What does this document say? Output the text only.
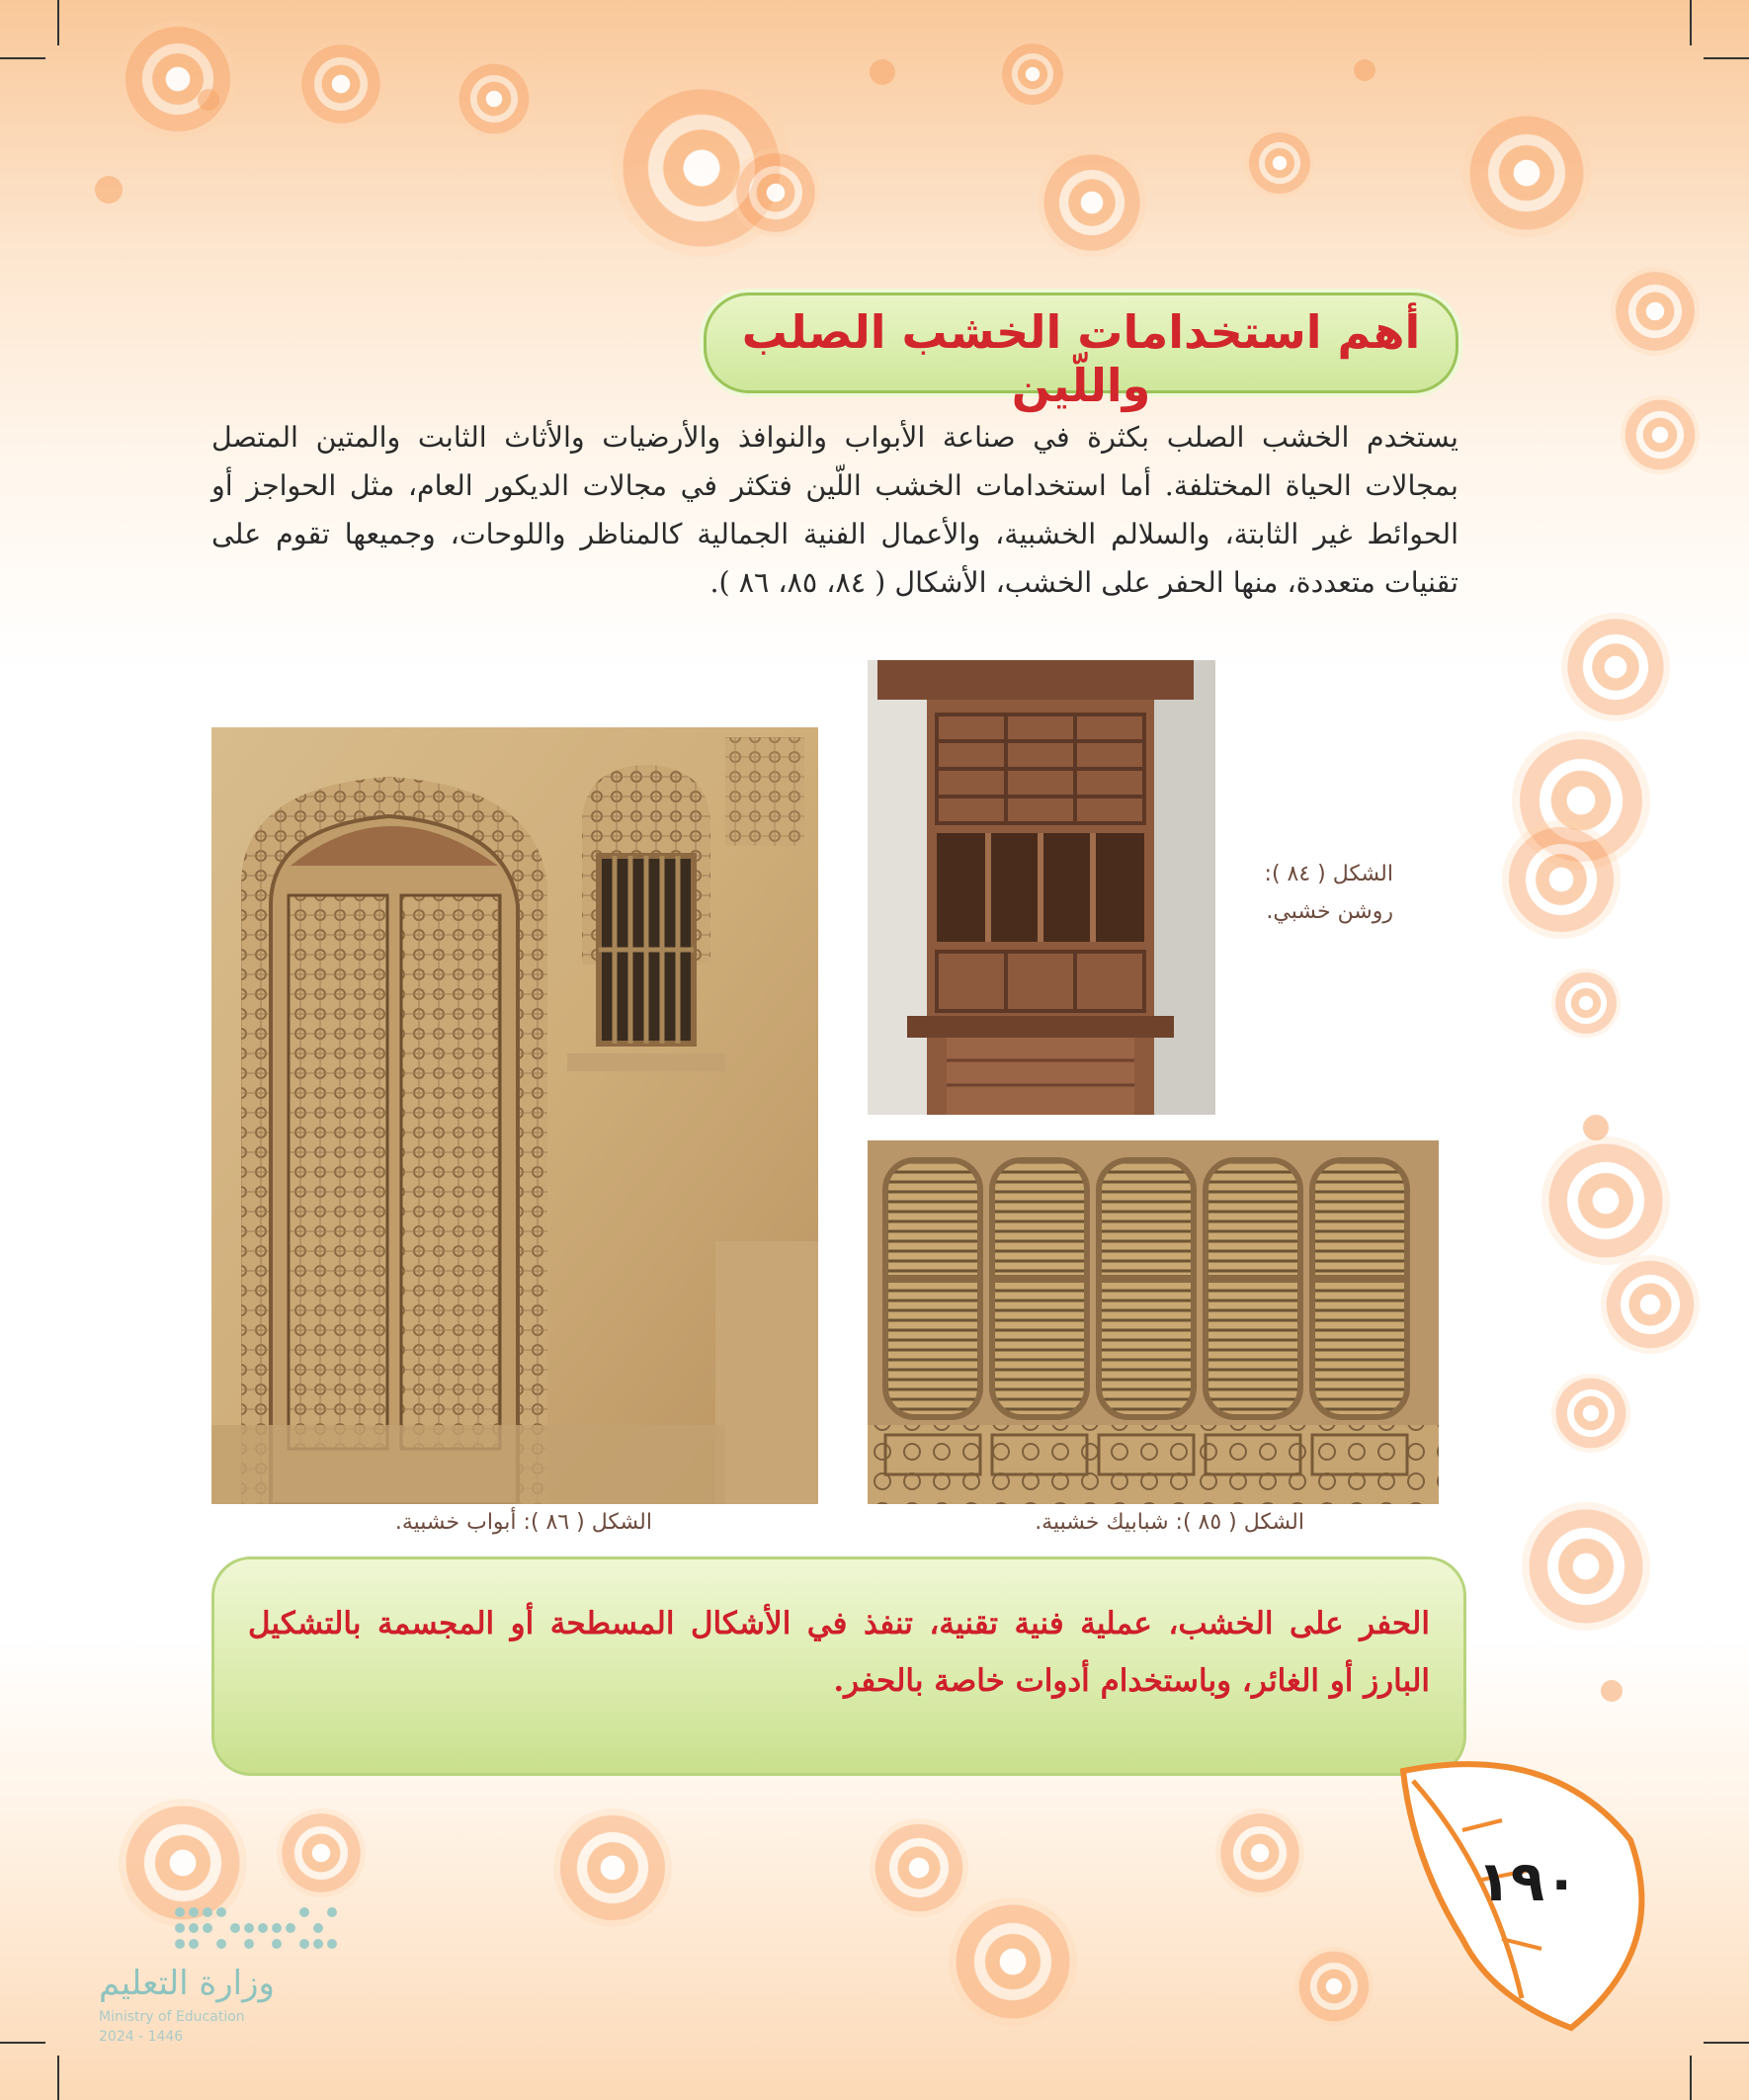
أهم استخدامات الخشب الصلب واللّين
يستخدم الخشب الصلب بكثرة في صناعة الأبواب والنوافذ والأرضيات والأثاث الثابت والمتين المتصل بمجالات الحياة المختلفة. أما استخدامات الخشب اللّين فتكثر في مجالات الديكور العام، مثل الحواجز أو الحوائط غير الثابتة، والسلالم الخشبية، والأعمال الفنية الجمالية كالمناظر واللوحات، وجميعها تقوم على تقنيات متعددة، منها الحفر على الخشب، الأشكال ( ٨٤، ٨٥، ٨٦ ).
الشكل ( ٨٦ ): أبواب خشبية.
الشكل ( ٨٤ ):
روشن خشبي.
الشكل ( ٨٥ ): شبابيك خشبية.
الحفر على الخشب، عملية فنية تقنية، تنفذ في الأشكال المسطحة أو المجسمة بالتشكيل البارز أو الغائر، وباستخدام أدوات خاصة بالحفر.
١٩٠
وزارة التعليم
Ministry of Education
2024 - 1446
